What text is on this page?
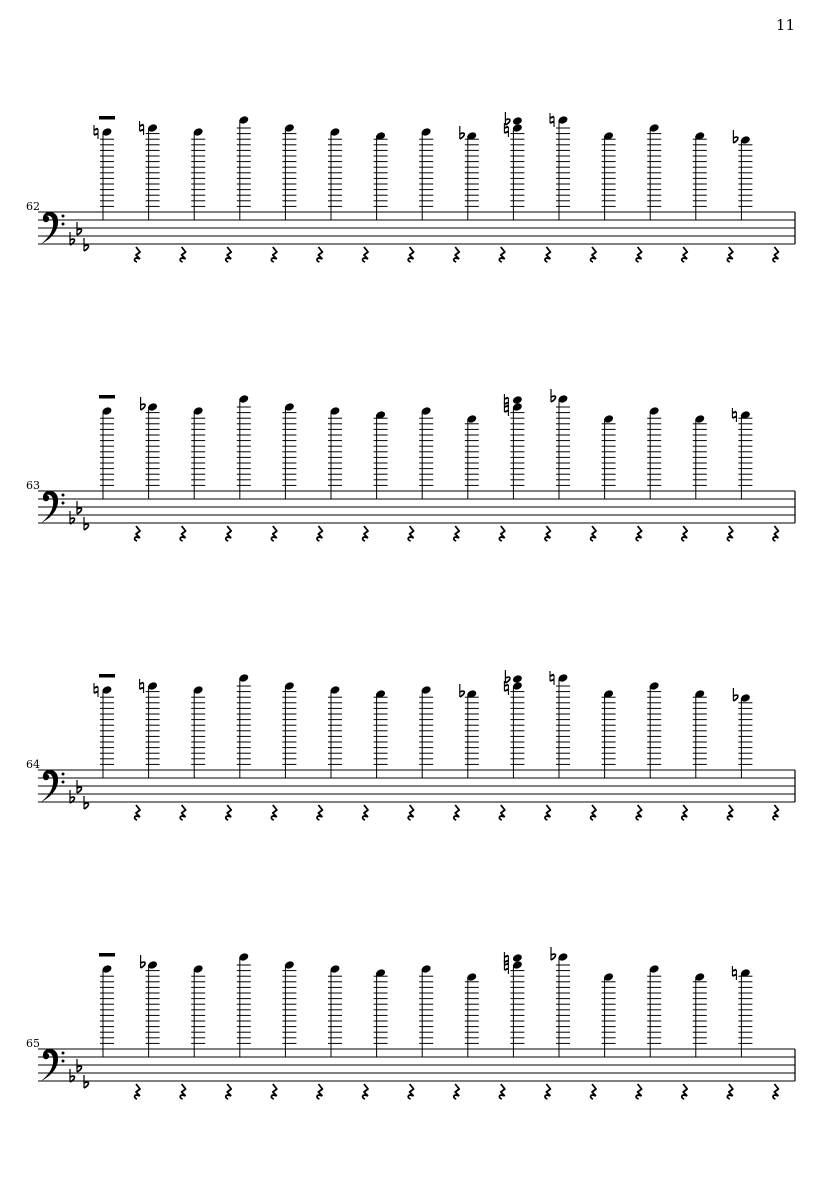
11
62
63
64
65
